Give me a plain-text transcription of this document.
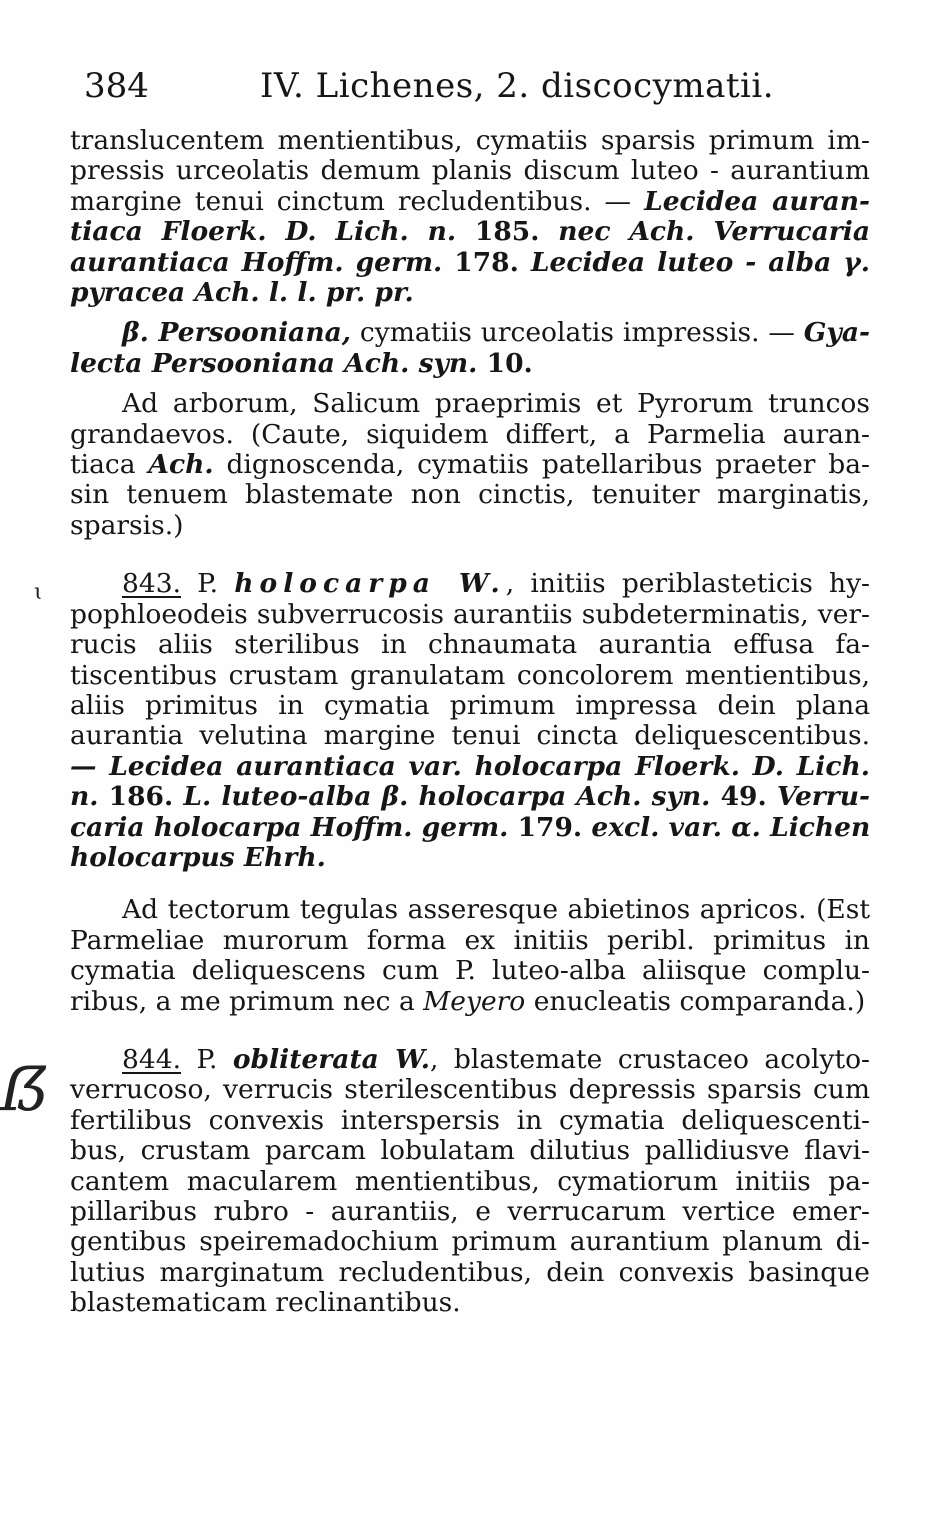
384	IV. Lichenes, 2. discocymatii.
ɩ
ẞ

translucentem mentientibus, cymatiis sparsis primum im-
pressis urceolatis demum planis discum luteo - aurantium
margine tenui cinctum recludentibus. — Lecidea auran-
tiaca Floerk. D. Lich. n. 185. nec Ach. Verrucaria
aurantiaca Hoffm. germ. 178. Lecidea luteo - alba γ.
pyracea Ach. l. l. pr. pr.

β. Persooniana, cymatiis urceolatis impressis. — Gya-
lecta Persooniana Ach. syn. 10.

Ad arborum, Salicum praeprimis et Pyrorum truncos
grandaevos. (Caute, siquidem differt, a Parmelia auran-
tiaca Ach. dignoscenda, cymatiis patellaribus praeter ba-
sin tenuem blastemate non cinctis, tenuiter marginatis,
sparsis.)

843. P. holocarpa W., initiis periblasteticis hy-
pophloeodeis subverrucosis aurantiis subdeterminatis, ver-
rucis aliis sterilibus in chnaumata aurantia effusa fa-
tiscentibus crustam granulatam concolorem mentientibus,
aliis primitus in cymatia primum impressa dein plana
aurantia velutina margine tenui cincta deliquescentibus.
— Lecidea aurantiaca var. holocarpa Floerk. D. Lich.
n. 186. L. luteo-alba β. holocarpa Ach. syn. 49. Verru-
caria holocarpa Hoffm. germ. 179. excl. var. α. Lichen
holocarpus Ehrh.

Ad tectorum tegulas asseresque abietinos apricos. (Est
Parmeliae murorum forma ex initiis peribl. primitus in
cymatia deliquescens cum P. luteo-alba aliisque complu-
ribus, a me primum nec a Meyero enucleatis comparanda.)

844. P. obliterata W., blastemate crustaceo acolyto-
verrucoso, verrucis sterilescentibus depressis sparsis cum
fertilibus convexis interspersis in cymatia deliquescenti-
bus, crustam parcam lobulatam dilutius pallidiusve flavi-
cantem macularem mentientibus, cymatiorum initiis pa-
pillaribus rubro - aurantiis, e verrucarum vertice emer-
gentibus speiremadochium primum aurantium planum di-
lutius marginatum recludentibus, dein convexis basinque
blastematicam reclinantibus.
